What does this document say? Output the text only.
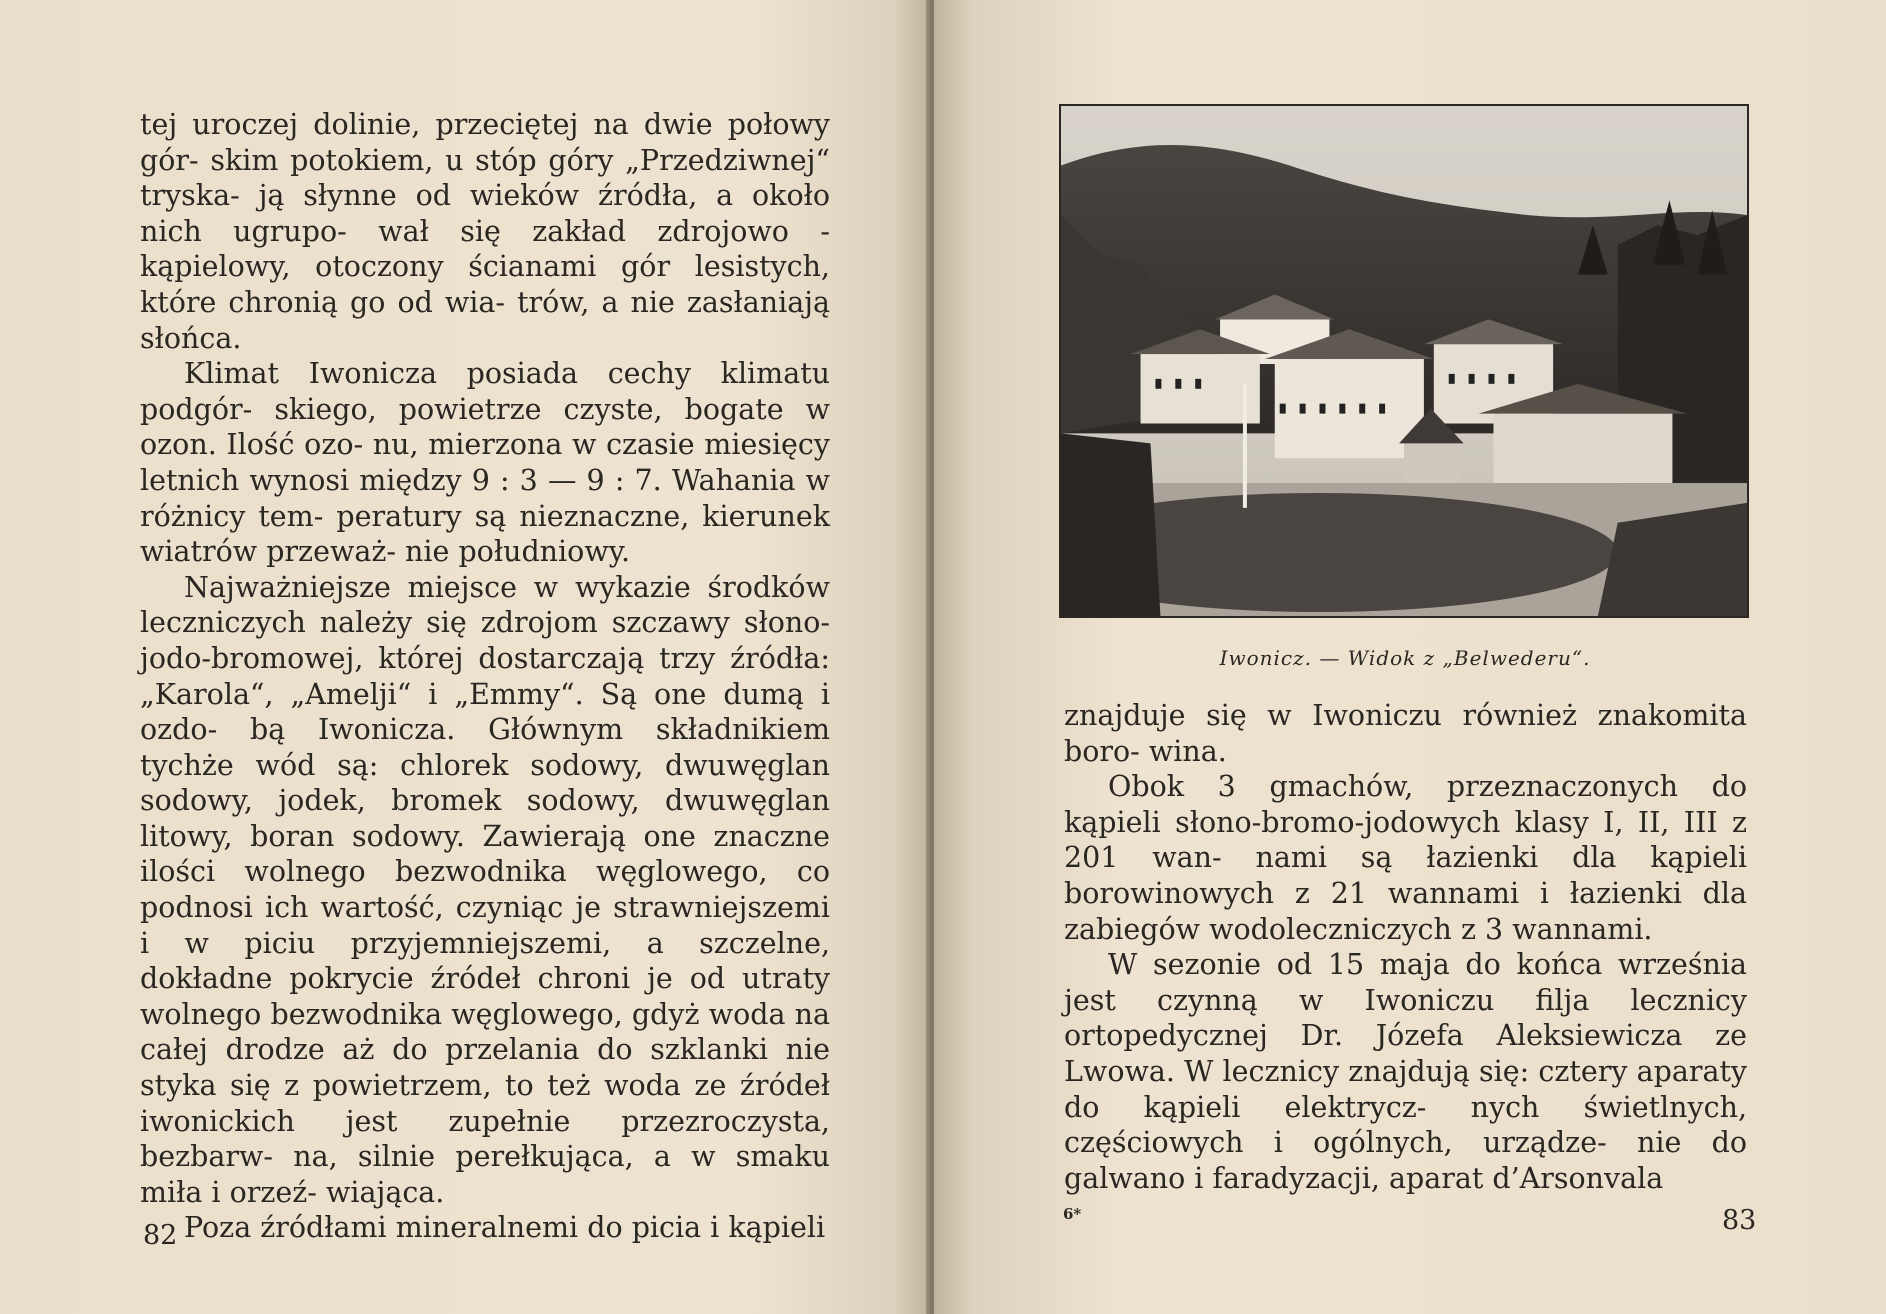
tej uroczej dolinie, przeciętej na dwie połowy gór- skim potokiem, u stóp góry „Przedziwnej“ tryska- ją słynne od wieków źródła, a około nich ugrupo- wał się zakład zdrojowo - kąpielowy, otoczony ścianami gór lesistych, które chronią go od wia- trów, a nie zasłaniają słońca.

Klimat Iwonicza posiada cechy klimatu podgór- skiego, powietrze czyste, bogate w ozon. Ilość ozo- nu, mierzona w czasie miesięcy letnich wynosi między 9 : 3 — 9 : 7. Wahania w różnicy tem- peratury są nieznaczne, kierunek wiatrów przeważ- nie południowy.

Najważniejsze miejsce w wykazie środków leczniczych należy się zdrojom szczawy słono- jodo-bromowej, której dostarczają trzy źródła: „Karola“, „Amelji“ i „Emmy“. Są one dumą i ozdo- bą Iwonicza. Głównym składnikiem tychże wód są: chlorek sodowy, dwuwęglan sodowy, jodek, bromek sodowy, dwuwęglan litowy, boran sodowy. Zawierają one znaczne ilości wolnego bezwodnika węglowego, co podnosi ich wartość, czyniąc je strawniejszemi i w piciu przyjemniejszemi, a szczelne, dokładne pokrycie źródeł chroni je od utraty wolnego bezwodnika węglowego, gdyż woda na całej drodze aż do przelania do szklanki nie styka się z powietrzem, to też woda ze źródeł iwonickich jest zupełnie przezroczysta, bezbarw- na, silnie perełkująca, a w smaku miła i orzeź- wiająca.

Poza źródłami mineralnemi do picia i kąpieli

82
Iwonicz. — Widok z „Belwederu“.

znajduje się w Iwoniczu również znakomita boro- wina.

Obok 3 gmachów, przeznaczonych do kąpieli słono-bromo-jodowych klasy I, II, III z 201 wan- nami są łazienki dla kąpieli borowinowych z 21 wannami i łazienki dla zabiegów wodoleczniczych z 3 wannami.

W sezonie od 15 maja do końca września jest czynną w Iwoniczu filja lecznicy ortopedycznej Dr. Józefa Aleksiewicza ze Lwowa. W lecznicy znajdują się: cztery aparaty do kąpieli elektrycz- nych świetlnych, częściowych i ogólnych, urządze- nie do galwano i faradyzacji, aparat d’Arsonvala

6*	83
